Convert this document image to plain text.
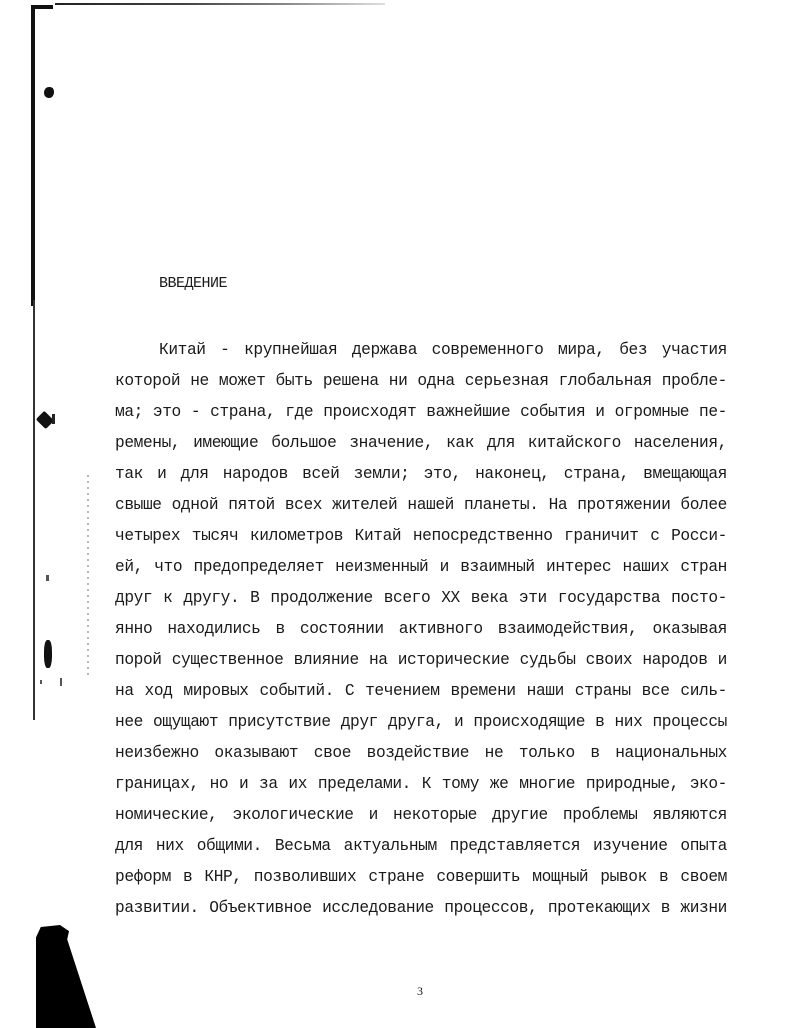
ВВЕДЕНИЕ
Китай - крупнейшая держава современного мира, без участия
которой не может быть решена ни одна серьезная глобальная пробле-
ма; это - страна, где происходят важнейшие события и огромные пе-
ремены, имеющие большое значение, как для китайского населения,
так и для народов всей земли; это, наконец, страна, вмещающая
свыше одной пятой всех жителей нашей планеты. На протяжении более
четырех тысяч километров Китай непосредственно граничит с Росси-
ей, что предопределяет неизменный и взаимный интерес наших стран
друг к другу. В продолжение всего XX века эти государства посто-
янно находились в состоянии активного взаимодействия, оказывая
порой существенное влияние на исторические судьбы своих народов и
на ход мировых событий. С течением времени наши страны все силь-
нее ощущают присутствие друг друга, и происходящие в них процессы
неизбежно оказывают свое воздействие не только в национальных
границах, но и за их пределами. К тому же многие природные, эко-
номические, экологические и некоторые другие проблемы являются
для них общими. Весьма актуальным представляется изучение опыта
реформ в КНР, позволивших стране совершить мощный рывок в своем
развитии. Объективное исследование процессов, протекающих в жизни
3
